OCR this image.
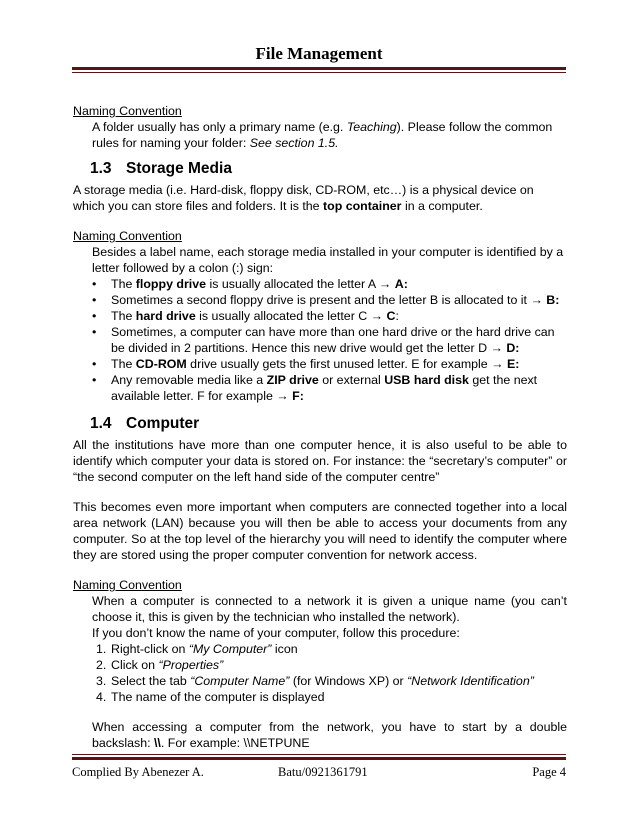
File Management

Naming Convention

A folder usually has only a primary name (e.g. Teaching). Please follow the common rules for naming your folder: See section 1.5.

1.3 Storage Media

A storage media (i.e. Hard-disk, floppy disk, CD-ROM, etc…) is a physical device on which you can store files and folders. It is the top container in a computer.

Naming Convention

Besides a label name, each storage media installed in your computer is identified by a letter followed by a colon (:) sign:

• The floppy drive is usually allocated the letter A → A:
• Sometimes a second floppy drive is present and the letter B is allocated to it → B:
• The hard drive is usually allocated the letter C → C:
• Sometimes, a computer can have more than one hard drive or the hard drive can be divided in 2 partitions. Hence this new drive would get the letter D → D:
• The CD-ROM drive usually gets the first unused letter. E for example → E:
• Any removable media like a ZIP drive or external USB hard disk get the next available letter. F for example → F:

1.4 Computer

All the institutions have more than one computer hence, it is also useful to be able to identify which computer your data is stored on. For instance: the “secretary’s computer” or “the second computer on the left hand side of the computer centre”

This becomes even more important when computers are connected together into a local area network (LAN) because you will then be able to access your documents from any computer. So at the top level of the hierarchy you will need to identify the computer where they are stored using the proper computer convention for network access.

Naming Convention

When a computer is connected to a network it is given a unique name (you can’t choose it, this is given by the technician who installed the network).

If you don’t know the name of your computer, follow this procedure:

1. Right-click on “My Computer” icon
2. Click on “Properties”
3. Select the tab “Computer Name” (for Windows XP) or “Network Identification”
4. The name of the computer is displayed

When accessing a computer from the network, you have to start by a double backslash: \\. For example: \\NETPUNE

Complied By Abenezer A.	Batu/0921361791	Page 4
